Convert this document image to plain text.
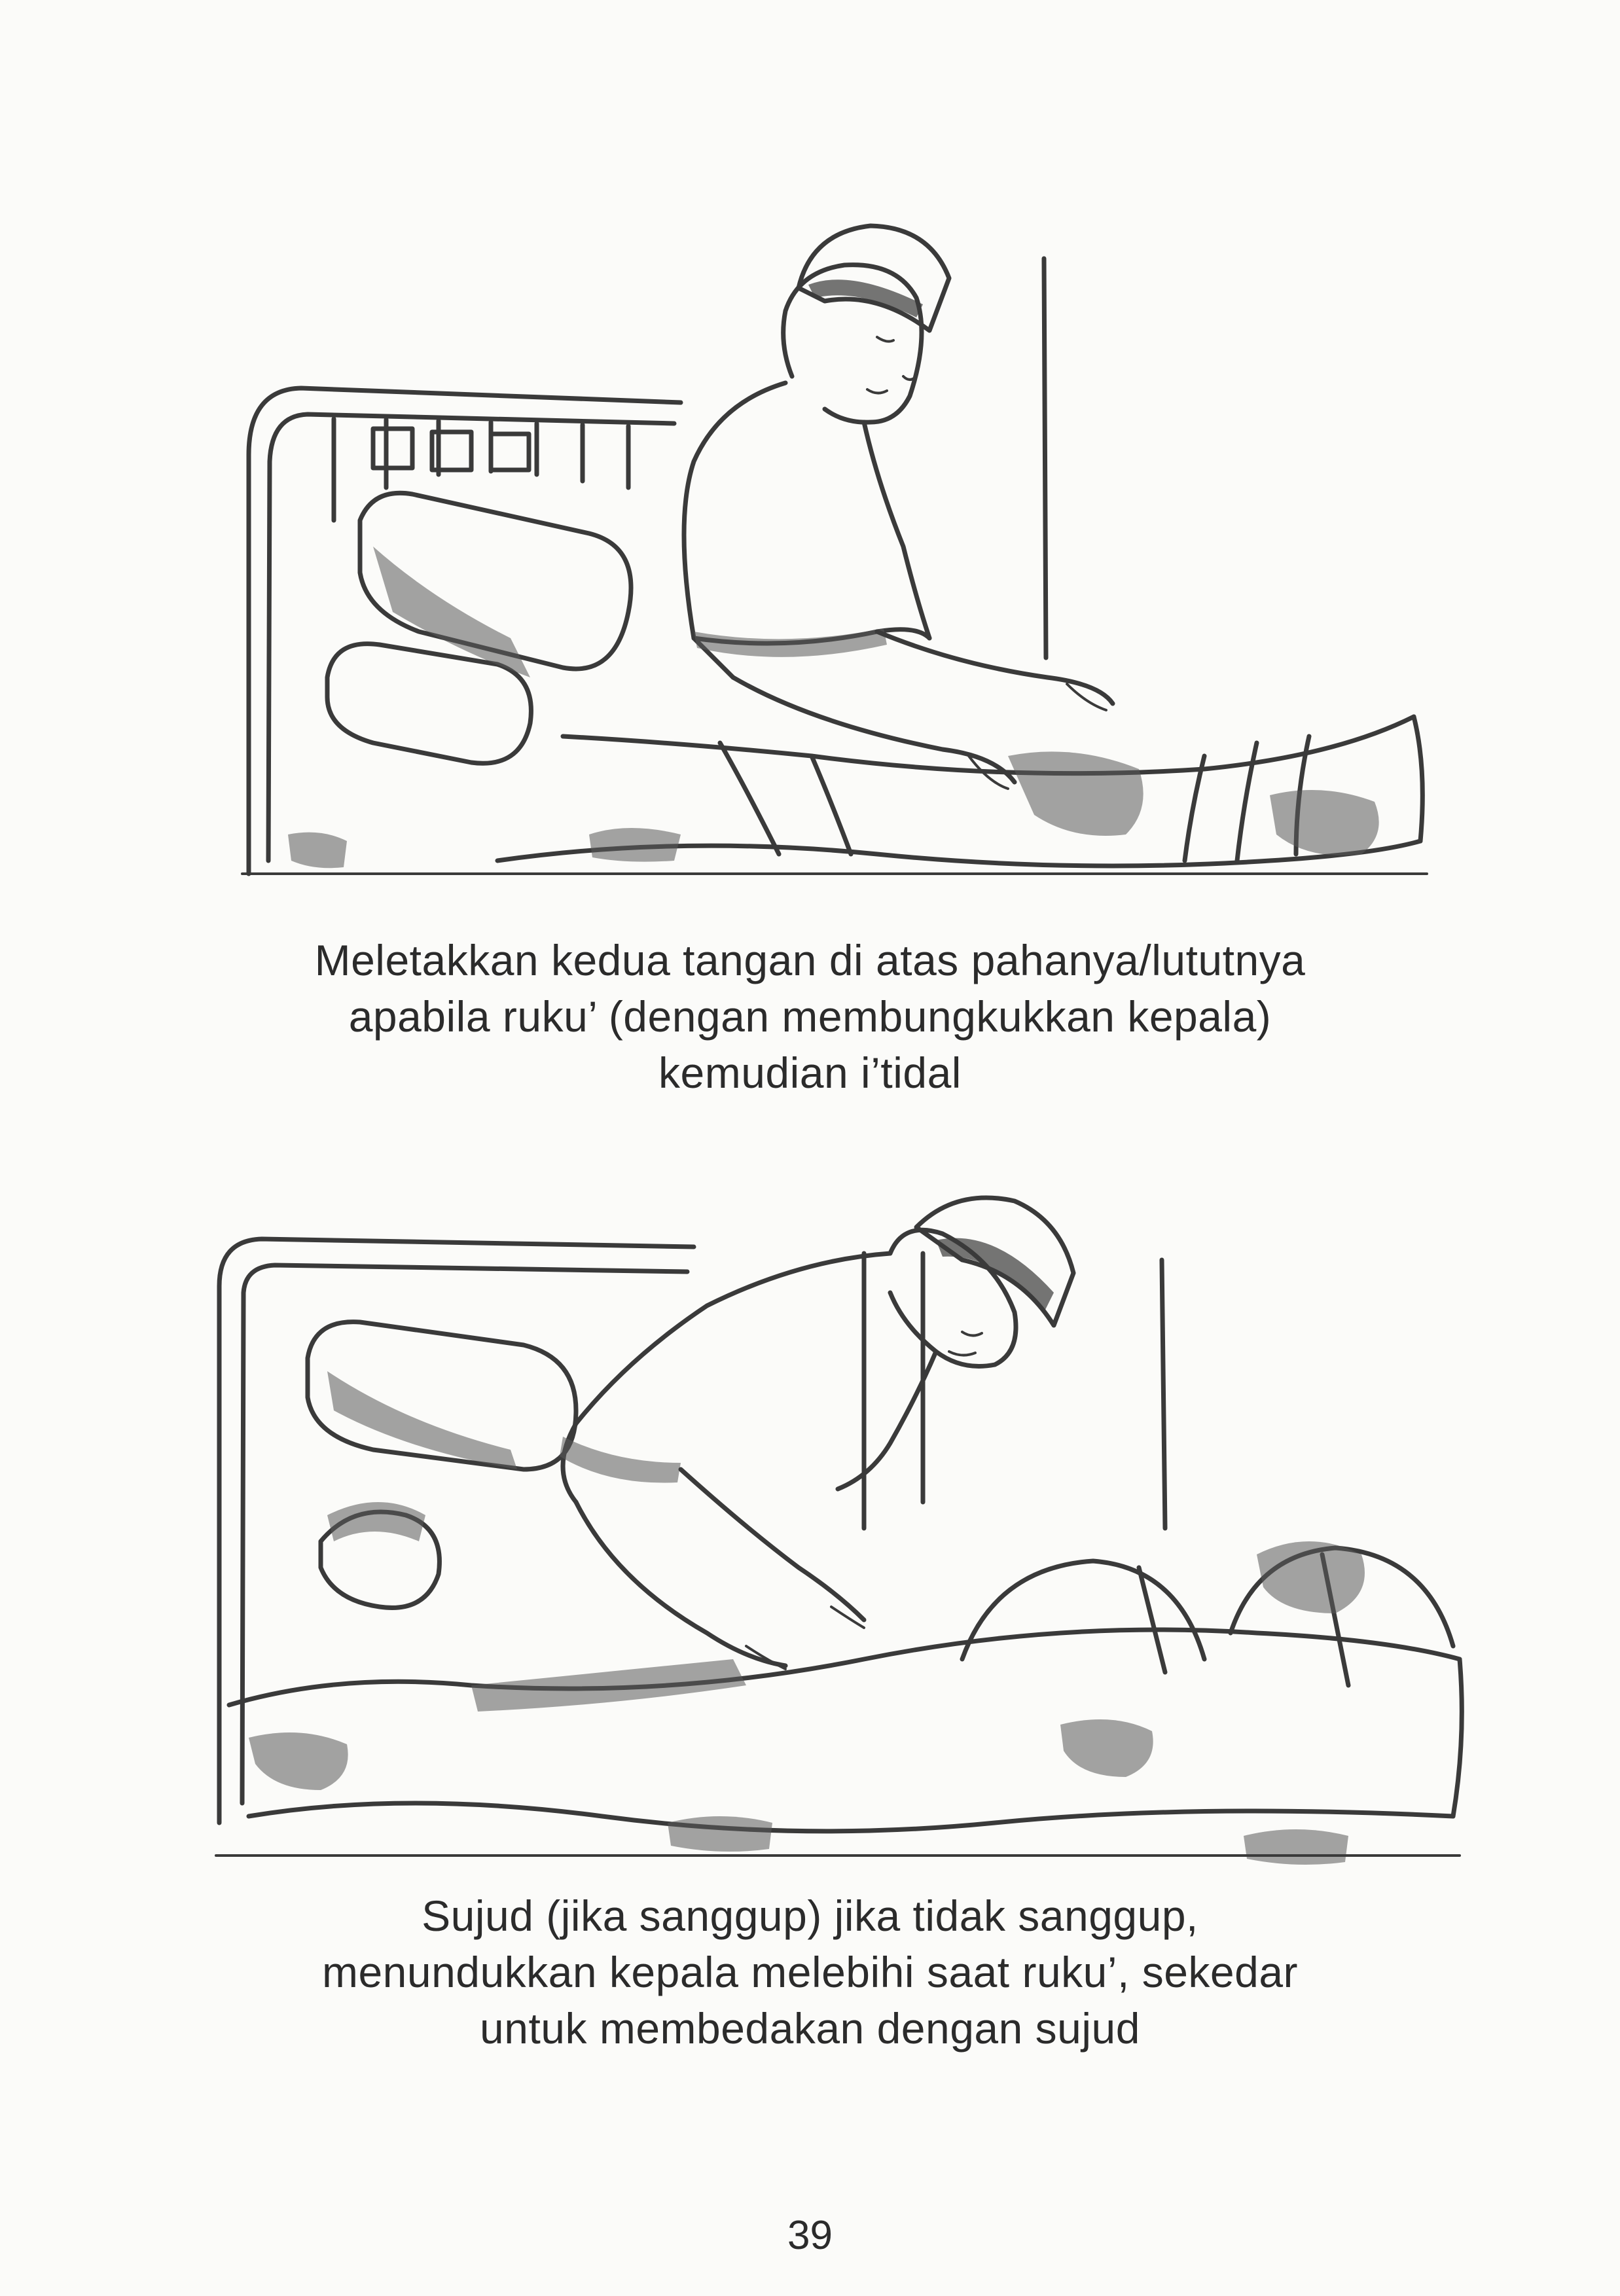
Meletakkan kedua tangan di atas pahanya/lututnya
apabila ruku’ (dengan membungkukkan kepala)
kemudian i’tidal
Sujud (jika sanggup) jika tidak sanggup,
menundukkan kepala melebihi saat ruku’, sekedar
untuk membedakan dengan sujud
39
